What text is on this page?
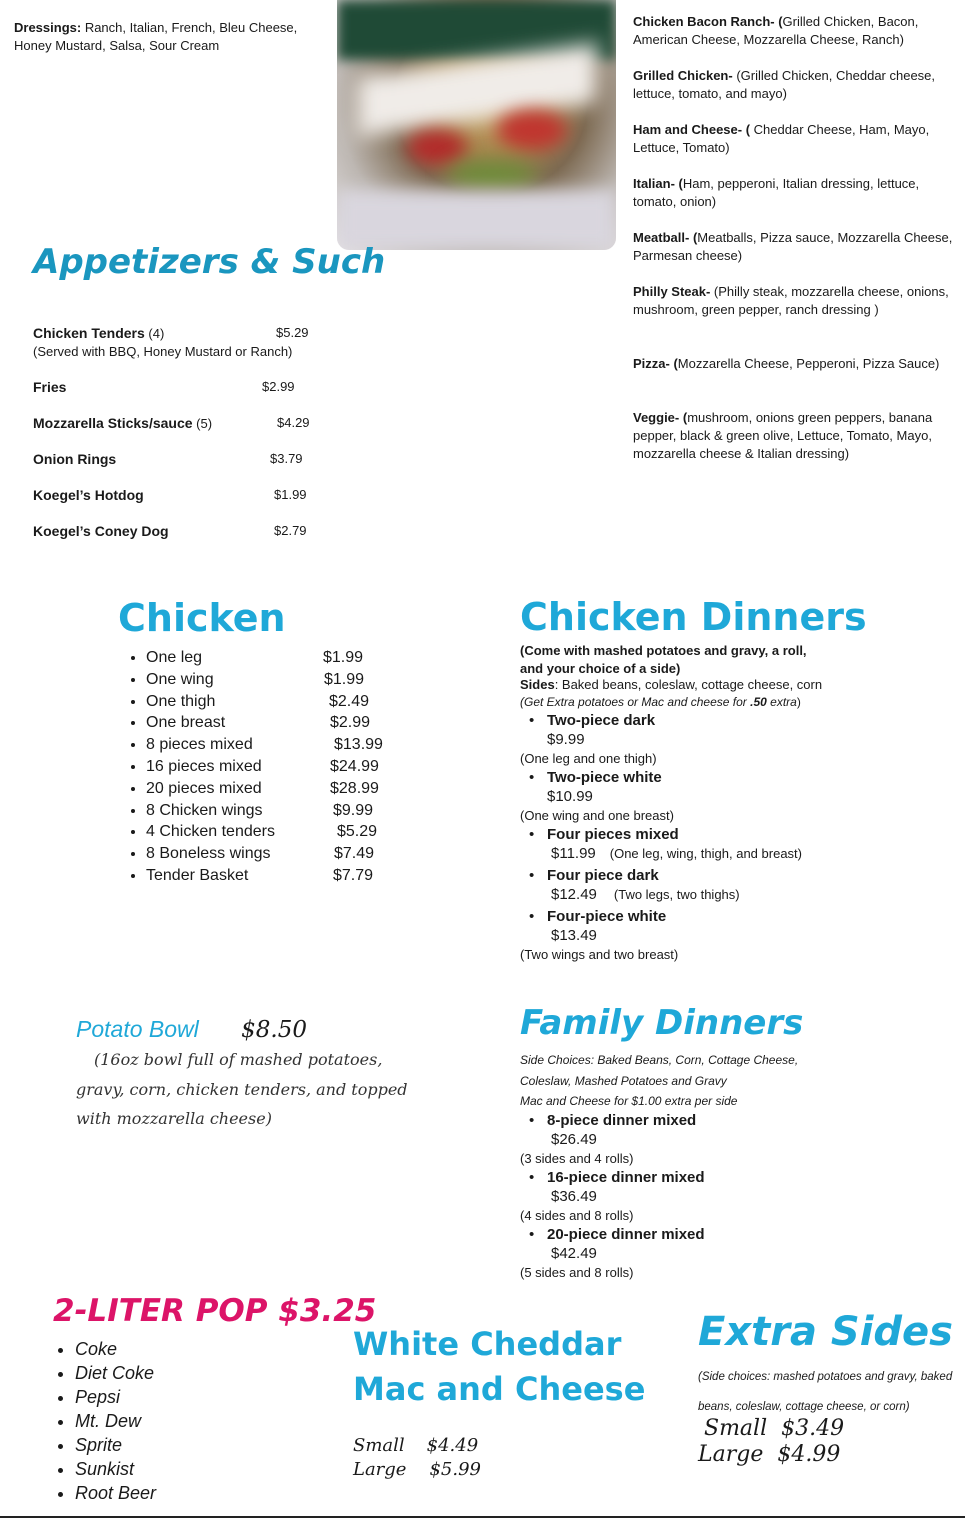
Dressings: Ranch, Italian, French, Bleu Cheese, Honey Mustard, Salsa, Sour Cream
Appetizers & Such
Chicken Tenders (4)	$5.29
(Served with BBQ, Honey Mustard or Ranch)
Fries	$2.99
Mozzarella Sticks/sauce (5)	$4.29
Onion Rings	$3.79
Koegel’s Hotdog	$1.99
Koegel’s Coney Dog	$2.79
Chicken Bacon Ranch- (Grilled Chicken, Bacon, American Cheese, Mozzarella Cheese, Ranch)
Grilled Chicken- (Grilled Chicken, Cheddar cheese, lettuce, tomato, and mayo)
Ham and Cheese- ( Cheddar Cheese, Ham, Mayo, Lettuce, Tomato)
Italian- (Ham, pepperoni, Italian dressing, lettuce, tomato, onion)
Meatball- (Meatballs, Pizza sauce, Mozzarella Cheese, Parmesan cheese)
Philly Steak- (Philly steak, mozzarella cheese, onions, mushroom, green pepper, ranch dressing )
Pizza- (Mozzarella Cheese, Pepperoni, Pizza Sauce)
Veggie- (mushroom, onions green peppers, banana pepper, black & green olive, Lettuce, Tomato, Mayo, mozzarella cheese & Italian dressing)
Chicken
• One leg	$1.99
• One wing	$1.99
• One thigh	$2.49
• One breast	$2.99
• 8 pieces mixed	$13.99
• 16 pieces mixed	$24.99
• 20 pieces mixed	$28.99
• 8 Chicken wings	$9.99
• 4 Chicken tenders	$5.29
• 8 Boneless wings	$7.49
• Tender Basket	$7.79
Chicken Dinners
(Come with mashed potatoes and gravy, a roll, and your choice of a side)
Sides: Baked beans, coleslaw, cottage cheese, corn
(Get Extra potatoes or Mac and cheese for .50 extra)
• Two-piece dark
$9.99
(One leg and one thigh)
• Two-piece white
$10.99
(One wing and one breast)
• Four pieces mixed
$11.99 (One leg, wing, thigh, and breast)
• Four piece dark
$12.49 (Two legs, two thighs)
• Four-piece white
$13.49
(Two wings and two breast)
Potato Bowl $8.50
(16oz bowl full of mashed potatoes, gravy, corn, chicken tenders, and topped with mozzarella cheese)
Family Dinners
Side Choices: Baked Beans, Corn, Cottage Cheese,
Coleslaw, Mashed Potatoes and Gravy
Mac and Cheese for $1.00 extra per side
• 8-piece dinner mixed
$26.49
(3 sides and 4 rolls)
• 16-piece dinner mixed
$36.49
(4 sides and 8 rolls)
• 20-piece dinner mixed
$42.49
(5 sides and 8 rolls)
2-LITER POP $3.25
• Coke
• Diet Coke
• Pepsi
• Mt. Dew
• Sprite
• Sunkist
• Root Beer
White Cheddar
Mac and Cheese
Small $4.49
Large $5.99
Extra Sides
(Side choices: mashed potatoes and gravy, baked
beans, coleslaw, cottage cheese, or corn)
Small $3.49
Large $4.99
